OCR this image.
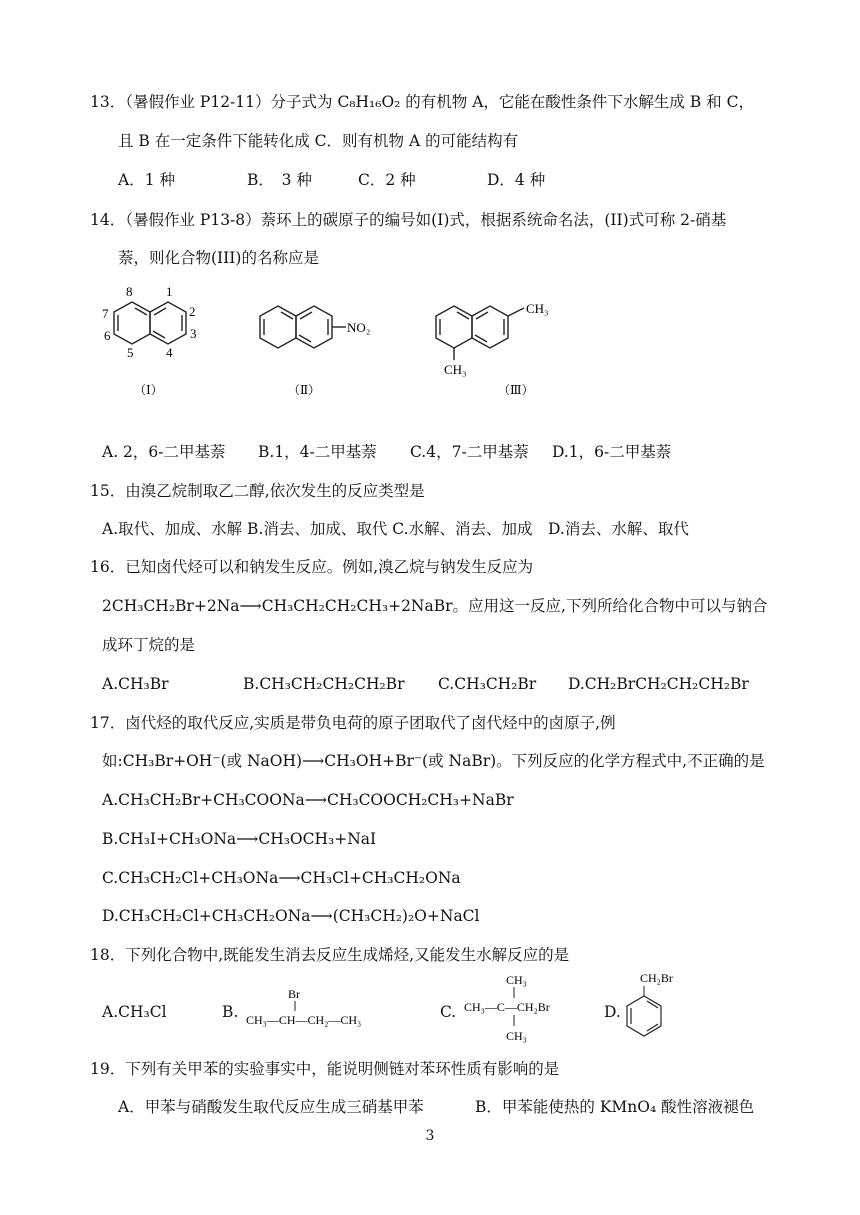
13．（暑假作业 P12-11）分子式为 C₈H₁₆O₂ 的有机物 A，它能在酸性条件下水解生成 B 和 C，
且 B 在一定条件下能转化成 C．则有机物 A 的可能结构有
A．1 种	B．　3 种	C．2 种	D．4 种
14．（暑假作业 P13-8）萘环上的碳原子的编号如(I)式，根据系统命名法，(II)式可称 2-硝基
萘，则化合物(III)的名称应是
8	1
7	2
6	3
5	4
（Ⅰ）
NO₂
（Ⅱ）
CH₃
CH₃
（Ⅲ）
A. 2，6-二甲基萘 B.1，4-二甲基萘 C.4，7-二甲基萘 D.1，6-二甲基萘
15．由溴乙烷制取乙二醇,依次发生的反应类型是
A.取代、加成、水解 B.消去、加成、取代 C.水解、消去、加成　D.消去、水解、取代
16．已知卤代烃可以和钠发生反应。例如,溴乙烷与钠发生反应为
2CH₃CH₂Br+2Na⟶CH₃CH₂CH₂CH₃+2NaBr。应用这一反应,下列所给化合物中可以与钠合
成环丁烷的是
A.CH₃Br	B.CH₃CH₂CH₂CH₂Br C.CH₃CH₂Br D.CH₂BrCH₂CH₂CH₂Br
17．卤代烃的取代反应,实质是带负电荷的原子团取代了卤代烃中的卤原子,例
如:CH₃Br+OH⁻(或 NaOH)⟶CH₃OH+Br⁻(或 NaBr)。下列反应的化学方程式中,不正确的是
A.CH₃CH₂Br+CH₃COONa⟶CH₃COOCH₂CH₃+NaBr
B.CH₃I+CH₃ONa⟶CH₃OCH₃+NaI
C.CH₃CH₂Cl+CH₃ONa⟶CH₃Cl+CH₃CH₂ONa
D.CH₃CH₂Cl+CH₃CH₂ONa⟶(CH₃CH₂)₂O+NaCl
18．下列化合物中,既能发生消去反应生成烯烃,又能发生水解反应的是
A.CH₃Cl	B.
Br
CH₃—CH—CH₂—CH₃	C.
CH₃
CH₃—C—CH₂Br
CH₃
D.
CH₂Br
19．下列有关甲苯的实验事实中，能说明侧链对苯环性质有影响的是
A．甲苯与硝酸发生取代反应生成三硝基甲苯	B．甲苯能使热的 KMnO₄ 酸性溶液褪色
3
